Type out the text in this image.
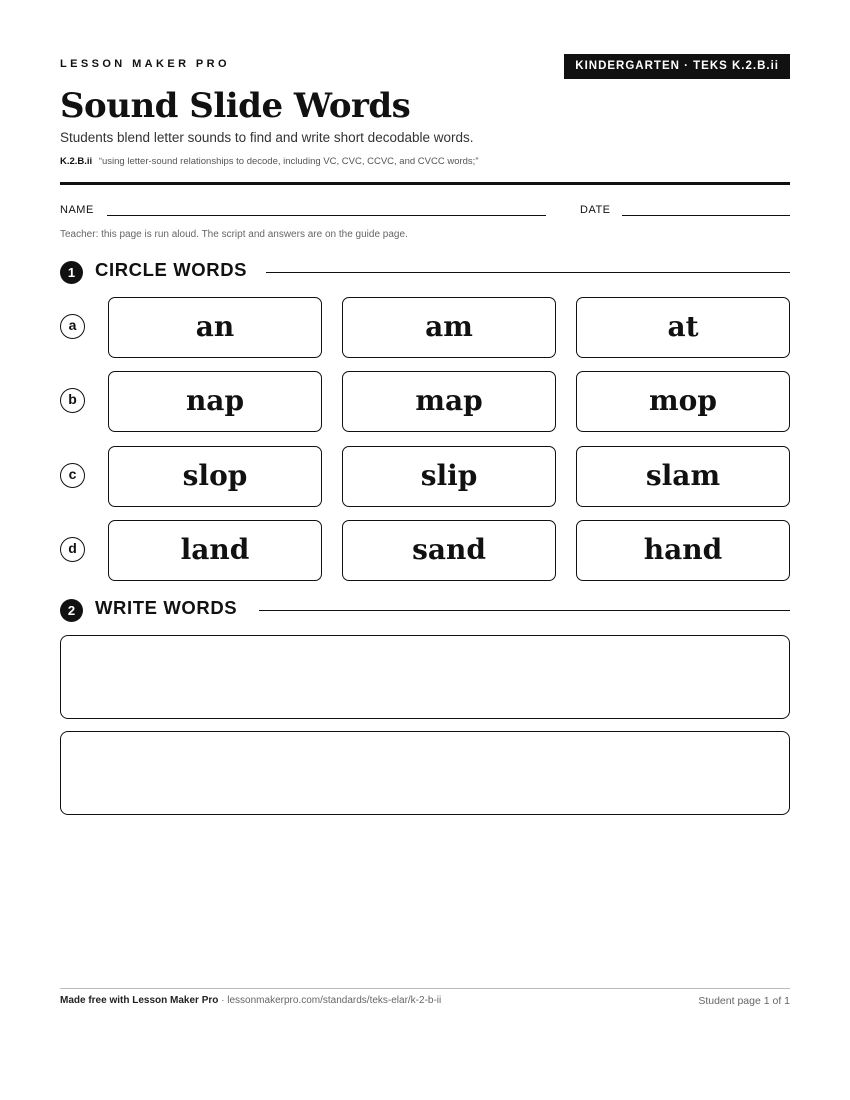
LESSON MAKER PRO	KINDERGARTEN · TEKS K.2.B.ii
Sound Slide Words
Students blend letter sounds to find and write short decodable words.
K.2.B.ii “using letter-sound relationships to decode, including VC, CVC, CCVC, and CVCC words;”
NAME	DATE
Teacher: this page is run aloud. The script and answers are on the guide page.
1	CIRCLE WORDS
a	an	am	at
b	nap	map	mop
c	slop	slip	slam
d	land	sand	hand
2	WRITE WORDS
Made free with Lesson Maker Pro · lessonmakerpro.com/standards/teks-elar/k-2-b-ii	Student page 1 of 1
